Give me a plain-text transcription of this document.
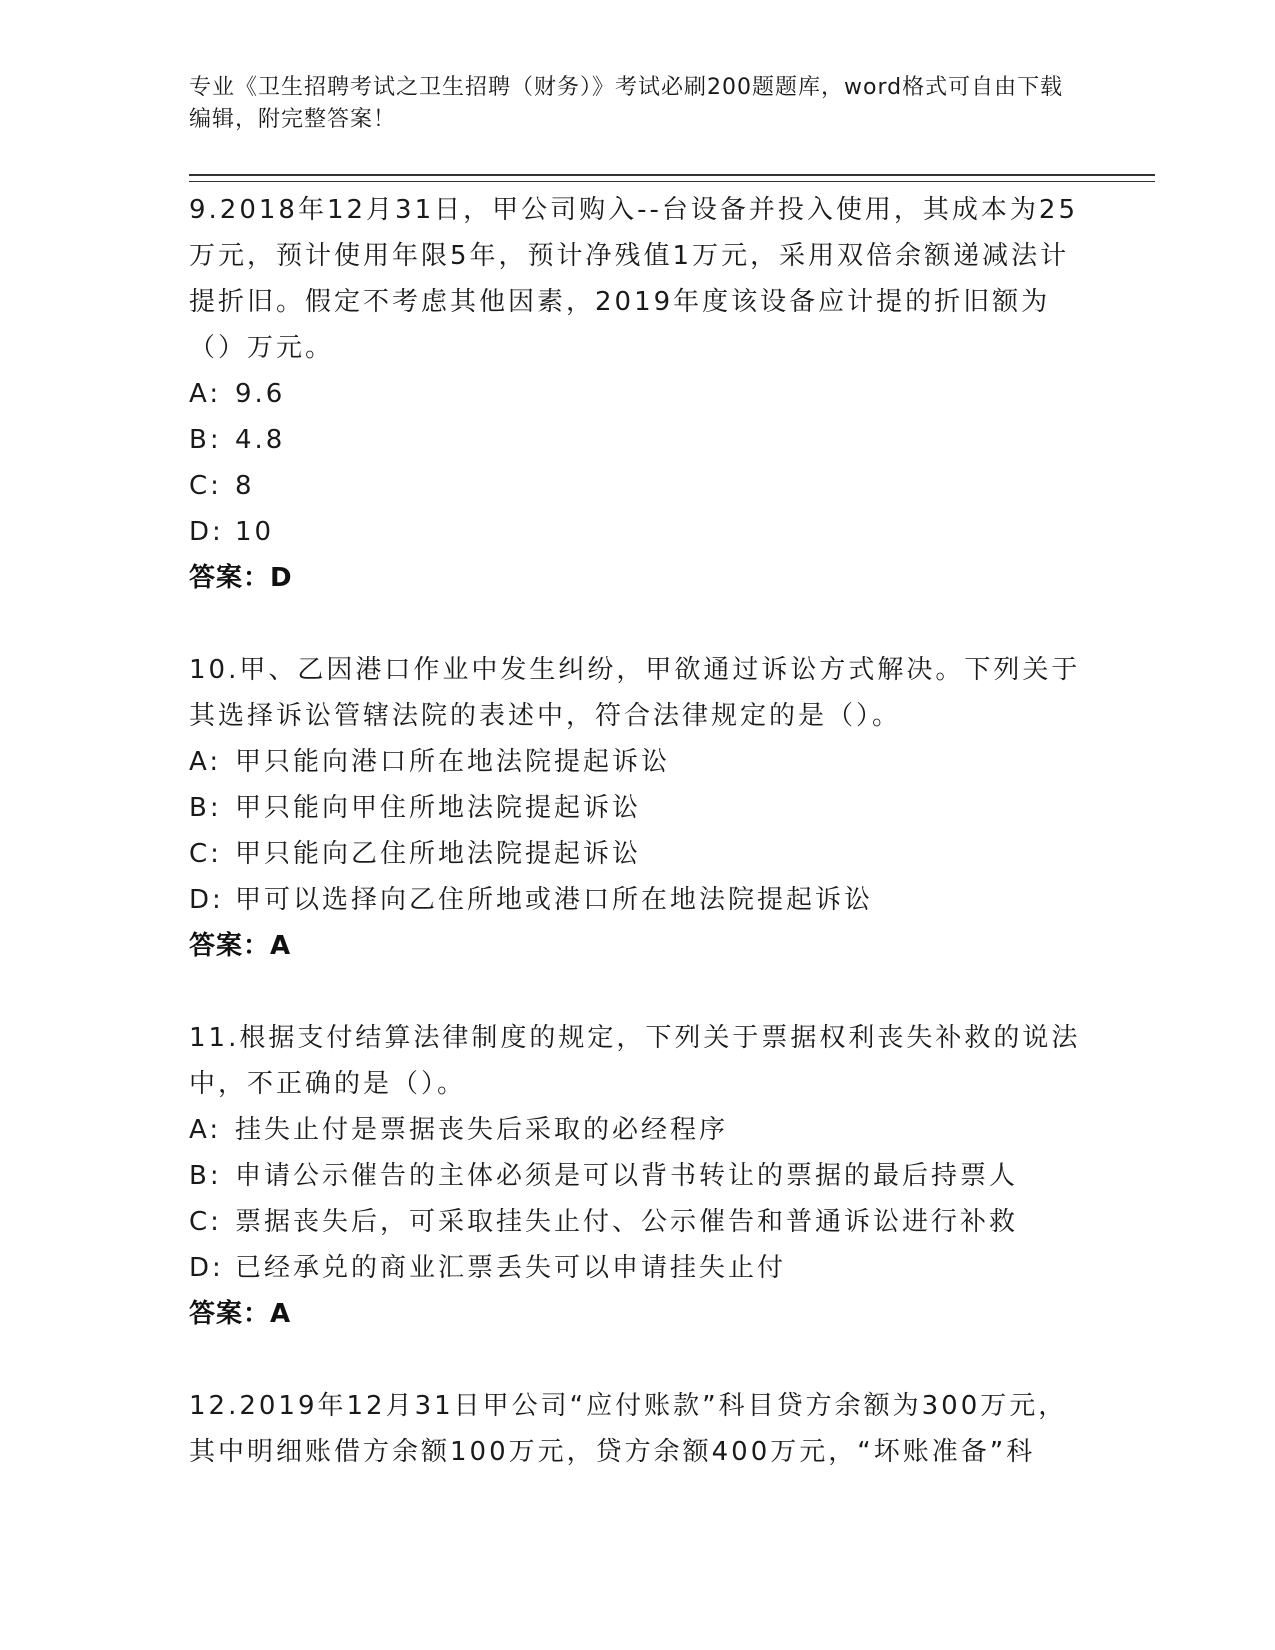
专业《卫生招聘考试之卫生招聘（财务）》考试必刷200题题库，word格式可自由下载编辑，附完整答案！
9.2018年12月31日，甲公司购入--台设备并投入使用，其成本为25万元，预计使用年限5年，预计净残值1万元，采用双倍余额递减法计提折旧。假定不考虑其他因素，2019年度该设备应计提的折旧额为（）万元。
A: 9.6
B: 4.8
C: 8
D: 10
答案：D
10.甲、乙因港口作业中发生纠纷，甲欲通过诉讼方式解决。下列关于其选择诉讼管辖法院的表述中，符合法律规定的是（）。
A: 甲只能向港口所在地法院提起诉讼
B: 甲只能向甲住所地法院提起诉讼
C: 甲只能向乙住所地法院提起诉讼
D: 甲可以选择向乙住所地或港口所在地法院提起诉讼
答案：A
11.根据支付结算法律制度的规定，下列关于票据权利丧失补救的说法中，不正确的是（）。
A: 挂失止付是票据丧失后采取的必经程序
B: 申请公示催告的主体必须是可以背书转让的票据的最后持票人
C: 票据丧失后，可采取挂失止付、公示催告和普通诉讼进行补救
D: 已经承兑的商业汇票丢失可以申请挂失止付
答案：A
12.2019年12月31日甲公司“应付账款”科目贷方余额为300万元，其中明细账借方余额100万元，贷方余额400万元，“坏账准备”科
